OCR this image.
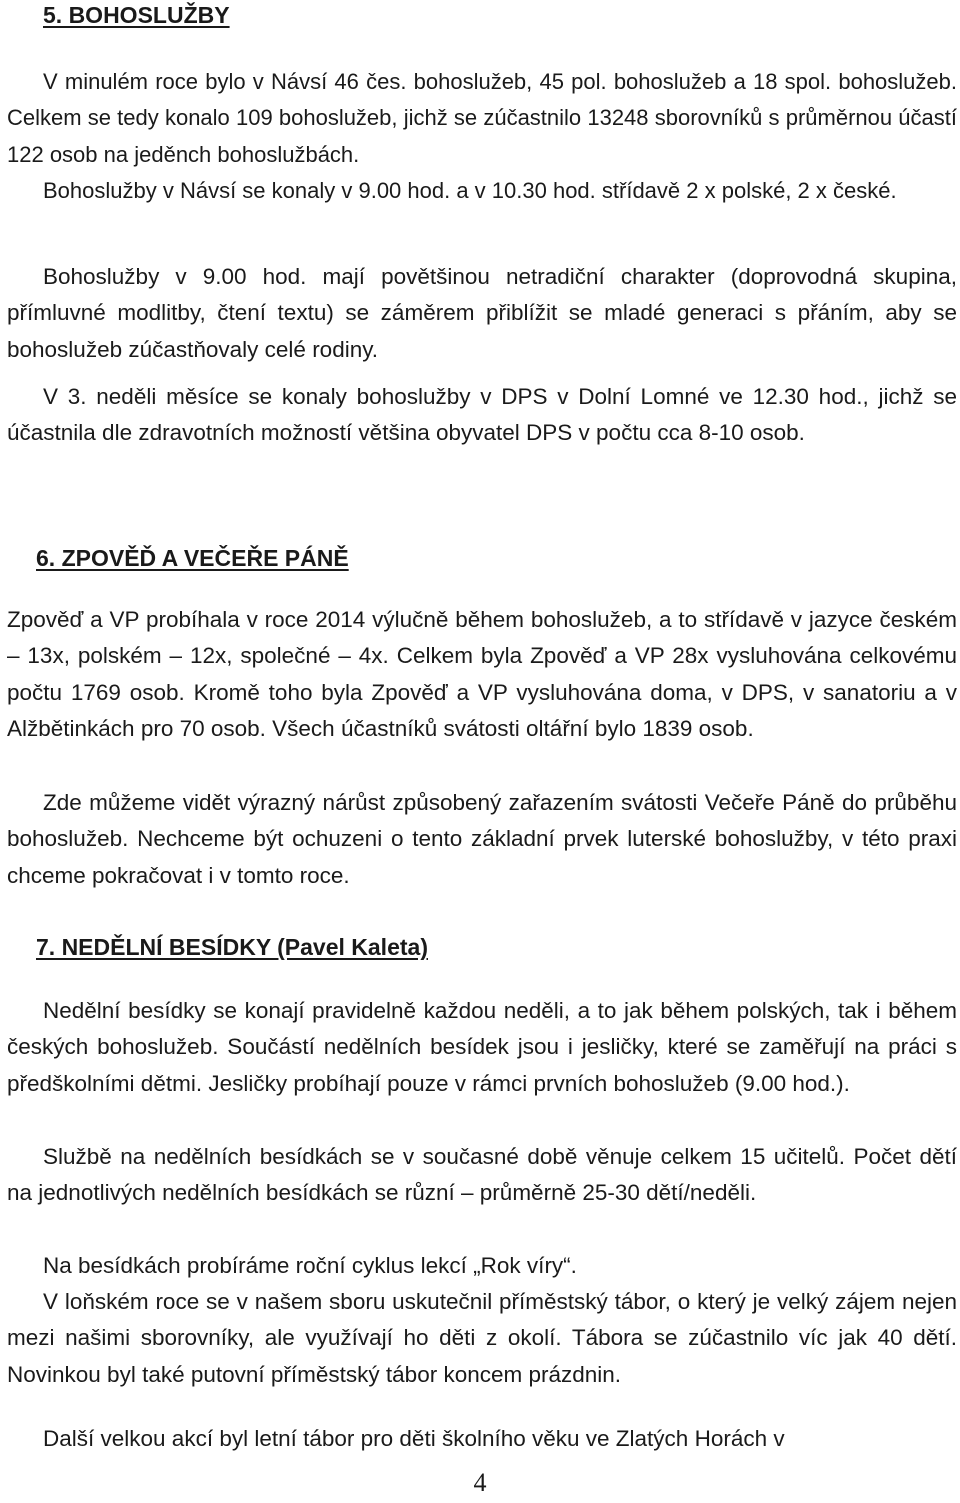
5. BOHOSLUŽBY

V minulém roce bylo v Návsí 46 čes. bohoslužeb, 45 pol. bohoslužeb a 18 spol. bohoslužeb. Celkem se tedy konalo 109 bohoslužeb, jichž se zúčastnilo 13248 sborovníků s průměrnou účastí 122 osob na jeděnch bohoslužbách.

Bohoslužby v Návsí se konaly v 9.00 hod. a v 10.30 hod. střídavě 2 x polské, 2 x české.

Bohoslužby v 9.00 hod. mají povětšinou netradiční charakter (doprovodná skupina, přímluvné modlitby, čtení textu) se záměrem přiblížit se mladé generaci s přáním, aby se bohoslužeb zúčastňovaly celé rodiny.

V 3. neděli měsíce se konaly bohoslužby v DPS v Dolní Lomné ve 12.30 hod., jichž se účastnila dle zdravotních možností většina obyvatel DPS v počtu cca 8-10 osob.

6. ZPOVĚĎ A VEČEŘE PÁNĚ

Zpověď a VP probíhala v roce 2014 výlučně během bohoslužeb, a to střídavě v jazyce českém – 13x, polském – 12x, společné – 4x. Celkem byla Zpověď a VP 28x vysluhována celkovému počtu 1769 osob. Kromě toho byla Zpověď a VP vysluhována doma, v DPS, v sanatoriu a v Alžbětinkách pro 70 osob. Všech účastníků svátosti oltářní bylo 1839 osob.

Zde můžeme vidět výrazný nárůst způsobený zařazením svátosti Večeře Páně do průběhu bohoslužeb. Nechceme být ochuzeni o tento základní prvek luterské bohoslužby, v této praxi chceme pokračovat i v tomto roce.

7. NEDĚLNÍ BESÍDKY (Pavel Kaleta)

Nedělní besídky se konají pravidelně každou neděli, a to jak během polských, tak i během českých bohoslužeb. Součástí nedělních besídek jsou i jesličky, které se zaměřují na práci s předškolními dětmi. Jesličky probíhají pouze v rámci prvních bohoslužeb (9.00 hod.).

Službě na nedělních besídkách se v současné době věnuje celkem 15 učitelů. Počet dětí na jednotlivých nedělních besídkách se různí – průměrně 25-30 dětí/neděli.

Na besídkách probíráme roční cyklus lekcí „Rok víry“.

V loňském roce se v našem sboru uskutečnil příměstský tábor, o který je velký zájem nejen mezi našimi sborovníky, ale využívají ho děti z okolí. Tábora se zúčastnilo víc jak 40 dětí. Novinkou byl také putovní příměstský tábor koncem prázdnin.

Další velkou akcí byl letní tábor pro děti školního věku ve Zlatých Horách v

4
